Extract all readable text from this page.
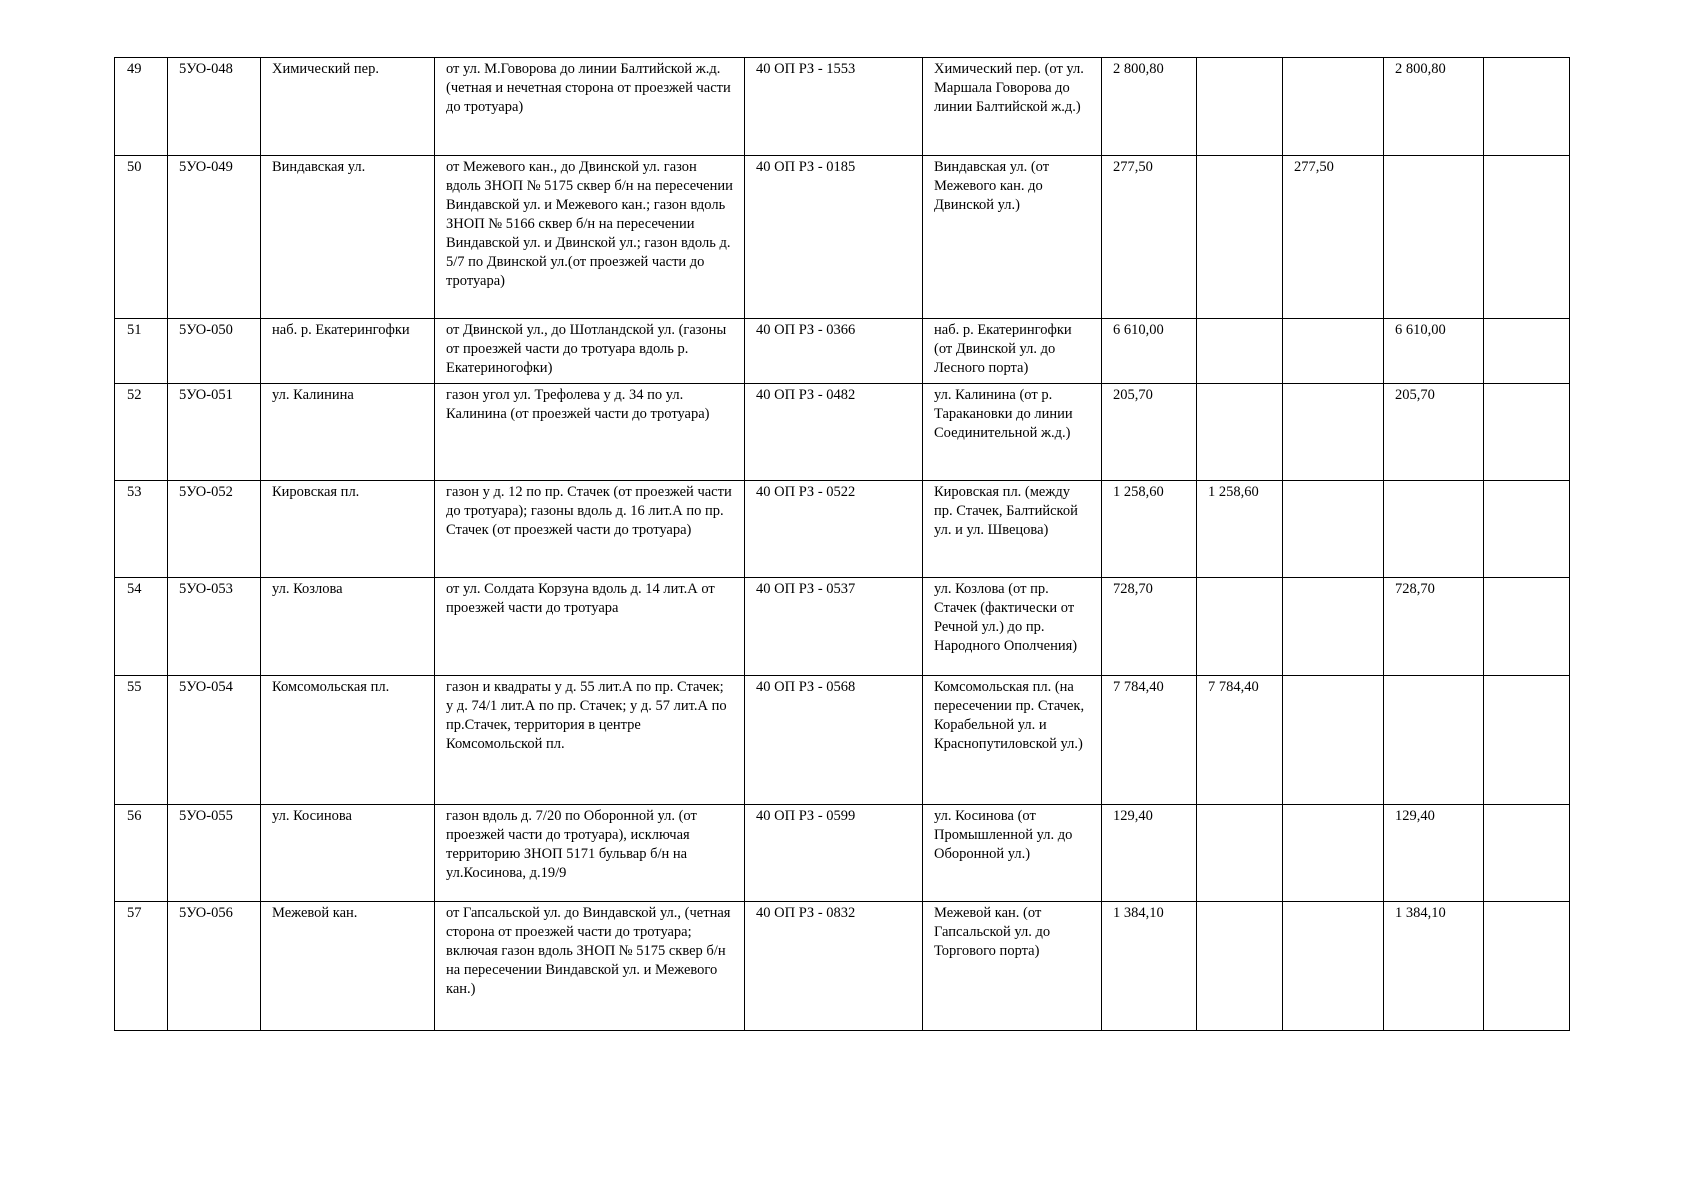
49	5УО-048	Химический пер.	от ул. М.Говорова до линии Балтийской ж.д. (четная и нечетная сторона от проезжей части до тротуара)	40 ОП РЗ - 1553	Химический пер. (от ул. Маршала Говорова до линии Балтийской ж.д.)	2 800,80			2 800,80	
50	5УО-049	Виндавская ул.	от Межевого кан., до Двинской ул. газон вдоль ЗНОП № 5175 сквер б/н на пересечении Виндавской ул. и Межевого кан.; газон вдоль ЗНОП № 5166 сквер б/н на пересечении Виндавской ул. и Двинской ул.; газон вдоль д. 5/7 по Двинской ул.(от проезжей части до тротуара)	40 ОП РЗ - 0185	Виндавская ул. (от Межевого кан. до Двинской ул.)	277,50		277,50		
51	5УО-050	наб. р. Екатерингофки	от Двинской ул., до Шотландской ул. (газоны от проезжей части до тротуара вдоль р. Екатериногофки)	40 ОП РЗ - 0366	наб. р. Екатерингофки (от Двинской ул. до Лесного порта)	6 610,00			6 610,00	
52	5УО-051	ул. Калинина	газон угол ул. Трефолева у д. 34 по ул. Калинина (от проезжей части до тротуара)	40 ОП РЗ - 0482	ул. Калинина (от р. Таракановки до линии Соединительной ж.д.)	205,70			205,70	
53	5УО-052	Кировская пл.	газон у д. 12 по пр. Стачек (от проезжей части до тротуара); газоны вдоль д. 16 лит.А по пр. Стачек (от проезжей части до тротуара)	40 ОП РЗ - 0522	Кировская пл. (между пр. Стачек, Балтийской ул. и ул. Швецова)	1 258,60	1 258,60			
54	5УО-053	ул. Козлова	от ул. Солдата Корзуна вдоль д. 14 лит.А от проезжей части до тротуара	40 ОП РЗ - 0537	ул. Козлова (от пр. Стачек (фактически от Речной ул.) до пр. Народного Ополчения)	728,70			728,70	
55	5УО-054	Комсомольская пл.	газон и квадраты у д. 55 лит.А по пр. Стачек; у д. 74/1 лит.А по пр. Стачек; у д. 57 лит.А по пр.Стачек, территория в центре Комсомольской пл.	40 ОП РЗ - 0568	Комсомольская пл. (на пересечении пр. Стачек, Корабельной ул. и Краснопутиловской ул.)	7 784,40	7 784,40			
56	5УО-055	ул. Косинова	газон вдоль д. 7/20 по Оборонной ул. (от проезжей части до тротуара), исключая территорию ЗНОП 5171 бульвар б/н на ул.Косинова, д.19/9	40 ОП РЗ - 0599	ул. Косинова (от Промышленной ул. до Оборонной ул.)	129,40			129,40	
57	5УО-056	Межевой кан.	от Гапсальской ул. до Виндавской ул., (четная сторона от проезжей части до тротуара; включая газон вдоль ЗНОП № 5175 сквер б/н на пересечении Виндавской ул. и Межевого кан.)	40 ОП РЗ - 0832	Межевой кан. (от Гапсальской ул. до Торгового порта)	1 384,10			1 384,10	
